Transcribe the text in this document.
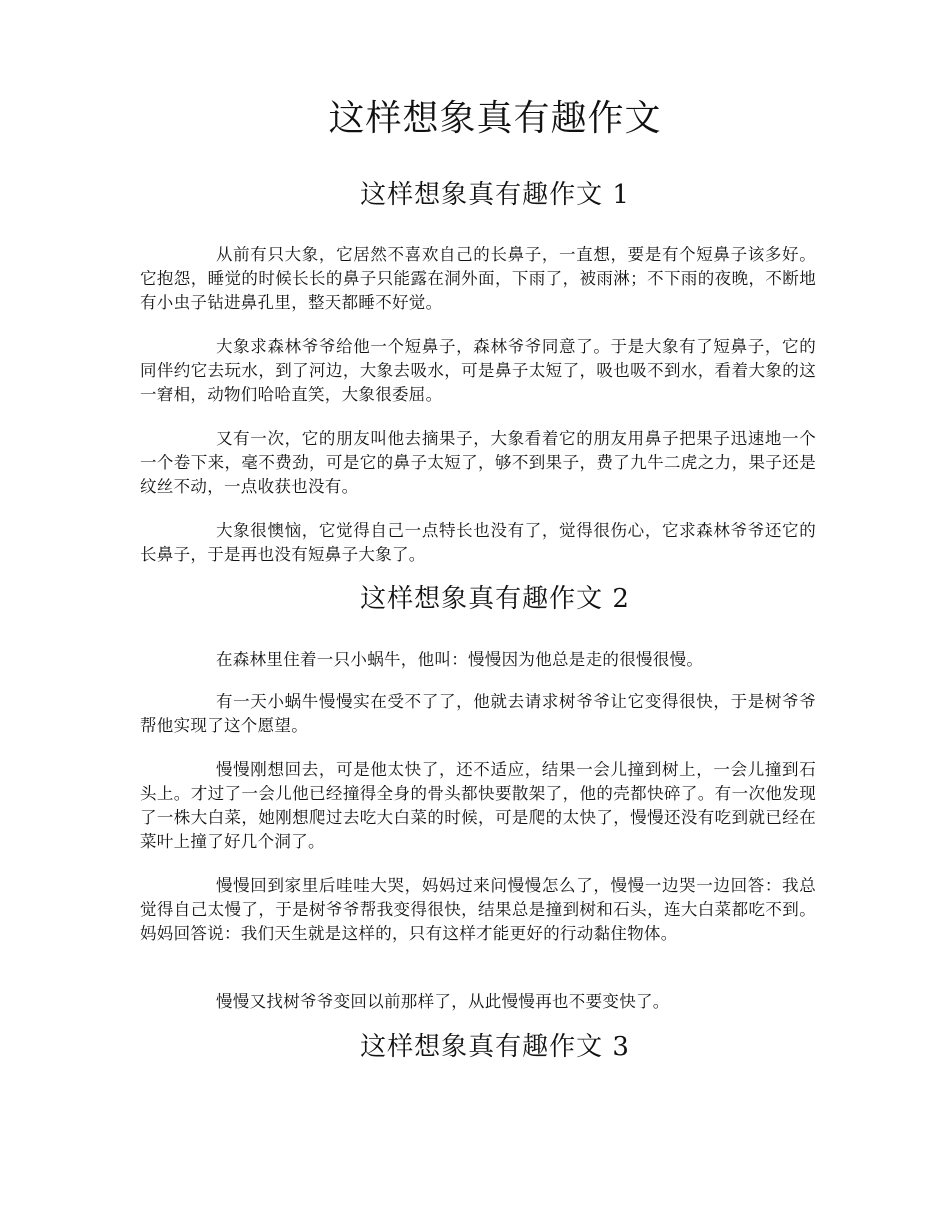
这样想象真有趣作文
这样想象真有趣作文 1

从前有只大象，它居然不喜欢自己的长鼻子，一直想，要是有个短鼻子该多好。它抱怨，睡觉的时候长长的鼻子只能露在洞外面，下雨了，被雨淋；不下雨的夜晚，不断地有小虫子钻进鼻孔里，整天都睡不好觉。

大象求森林爷爷给他一个短鼻子，森林爷爷同意了。于是大象有了短鼻子，它的同伴约它去玩水，到了河边，大象去吸水，可是鼻子太短了，吸也吸不到水，看着大象的这一窘相，动物们哈哈直笑，大象很委屈。

又有一次，它的朋友叫他去摘果子，大象看着它的朋友用鼻子把果子迅速地一个一个卷下来，毫不费劲，可是它的鼻子太短了，够不到果子，费了九牛二虎之力，果子还是纹丝不动，一点收获也没有。

大象很懊恼，它觉得自己一点特长也没有了，觉得很伤心，它求森林爷爷还它的长鼻子，于是再也没有短鼻子大象了。

这样想象真有趣作文 2

在森林里住着一只小蜗牛，他叫：慢慢因为他总是走的很慢很慢。

有一天小蜗牛慢慢实在受不了了，他就去请求树爷爷让它变得很快，于是树爷爷帮他实现了这个愿望。

慢慢刚想回去，可是他太快了，还不适应，结果一会儿撞到树上，一会儿撞到石头上。才过了一会儿他已经撞得全身的骨头都快要散架了，他的壳都快碎了。有一次他发现了一株大白菜，她刚想爬过去吃大白菜的时候，可是爬的太快了，慢慢还没有吃到就已经在菜叶上撞了好几个洞了。

慢慢回到家里后哇哇大哭，妈妈过来问慢慢怎么了，慢慢一边哭一边回答：我总觉得自己太慢了，于是树爷爷帮我变得很快，结果总是撞到树和石头，连大白菜都吃不到。妈妈回答说：我们天生就是这样的，只有这样才能更好的行动黏住物体。

慢慢又找树爷爷变回以前那样了，从此慢慢再也不要变快了。

这样想象真有趣作文 3
